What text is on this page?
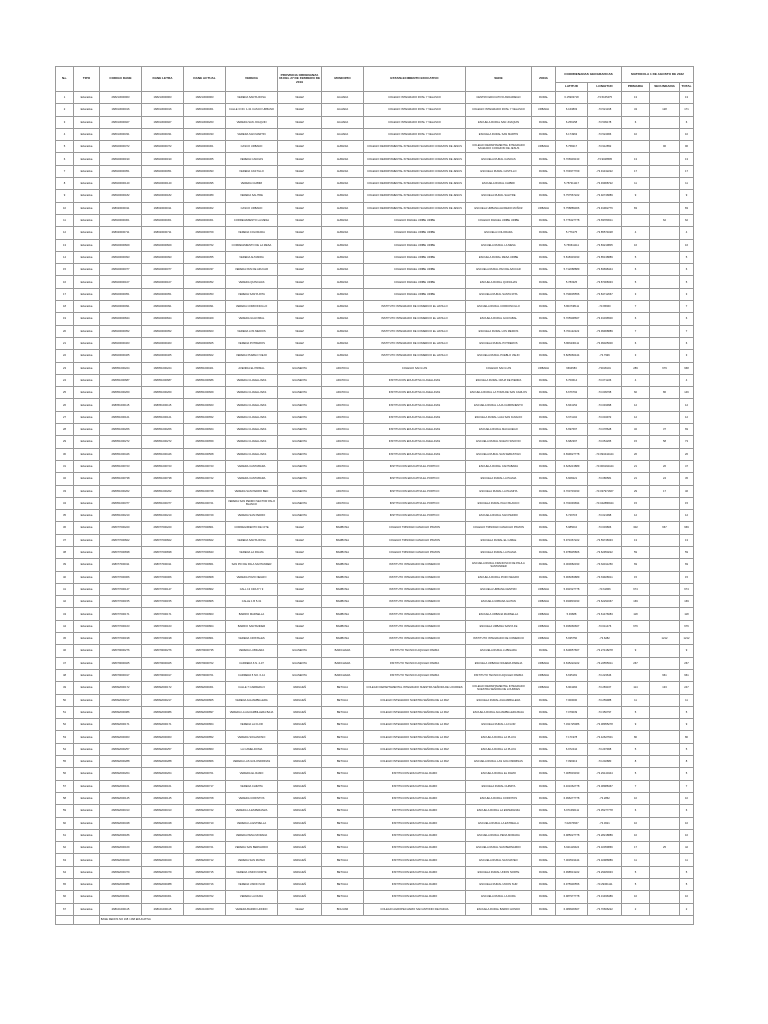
No.	TIPO	CODIGO DANE	DANE LETRA	DANE ACTUAL	VEREDA	PROVINCIA ORDENANZA 06 DEL 27 DE FEBRERO DE 2019	MUNICIPIO	ESTABLECIMIENTO EDUCATIVO	SEDE	ZONA	COORDENADAS GEOGRAFICAS		MATRICULA 1 DE AGOSTO DE 2022		
											LATITUD	LONGITUD	PRIMARIA	SECUNDARIA	TOTAL
1	Educativa	268213000963	168213000963	168213000963	VEREDA SANTA ROSA	VELEZ	AGUADA	COLEGIO INTEGRADO ROSL Y VELASCO	CENTRO EDUCATIVO ANDARIEGO	RURAL	6.15903718	-73.5165475	13		13
2	Educativa	168013000016	168013000016	168013000301	CALLE 3 NO. 1-31 CASCO URBANO	VELEZ	AGUADA	COLEGIO INTEGRADO ROSL Y VELASCO	COLEGIO INTEGRADO ROSL Y VELASCO	URBANA	6.163803	-73.521168	43	128	171
3	Educativa	268013000927	168013000927	168013000263	VEREDA SAN JOAQUIN	VELEZ	AGUADA	COLEGIO INTEGRADO ROSL Y VELASCO	ESCUELA RURAL SAN JOAQUIN	RURAL	6.259158	-73.509178	6		6
4	Educativa	268013000331	168013000331	168013000333	VEREDA SAN MARTIN	VELEZ	AGUADA	COLEGIO INTEGRADO ROSL Y VELASCO	ESCUELA RURAL SAN MARTIN	RURAL	6.174963	-73.524966	10		10
5	Educativa	168020000372	168020000372	168020000301	CASCO URBANO	VELEZ	ALBANIA	COLEGIO DEPARTAMENTAL INTEGRADO SAGRADO CORAZON DE JESUS	COLEGIO DEPARTAMENTAL INTEGRADO SAGRADO CORAZON DE JESUS	URBANA	5.758217	-73.912852		96	96
6	Educativa	268020000190	168020000190	168020000365	VEREDA CANOAS	VELEZ	ALBANIA	COLEGIO DEPARTAMENTAL INTEGRADO SAGRADO CORAZON DE JESUS	ESCUELA RURAL CANOAS	RURAL	5.706903133	-73.9028595	13		13
7	Educativa	268020000051	168020000051	168020000393	VEREDA CASTILLO	VELEZ	ALBANIA	COLEGIO DEPARTAMENTAL INTEGRADO SAGRADO CORAZON DE JESUS	ESCUELA RURAL CASTILLO	RURAL	5.709377709	-73.91432222	17		17
8	Educativa	268020000140	168020000140	168020000395	VEREDA CHIBIRI	VELEZ	ALBANIA	COLEGIO DEPARTAMENTAL INTEGRADO SAGRADO CORAZON DE JESUS	ESCUELA RURAL CHIBIRI	RURAL	5.757311117	-73.93968722	11		11
9	Educativa	268020000182	168020000182	168020000389	VEREDA SALITRE	VELEZ	ALBANIA	COLEGIO DEPARTAMENTAL INTEGRADO SAGRADO CORAZON DE JESUS	ESCUELA RURAL SALITRE	RURAL	5.757567222	-73.92746889	9		9
10	Educativa	168020000011	168020000011	168020000302	CASCO URBANO	VELEZ	ALBANIA	COLEGIO DEPARTAMENTAL INTEGRADO SAGRADO CORAZON DE JESUS	ESCUELA URBANA ALFREDO MUÑOZ	URBANA	5.758889306	-73.91962776	83		83
11	Educativa	268020000301	268020000301	268020000301	CORREGIMIENTO LA MESA	VELEZ	ALBANIA	COLEGIO RAFAEL URIBE URIBE	COLEGIO RAFAEL URIBE URIBE	RURAL	5.776327778	-73.83780611		62	62
12	Educativa	268020000711	268020000711	268020000709	VEREDA COLORADA	VELEZ	ALBANIA	COLEGIO RAFAEL URIBE URIBE	ESCUELA COLORADA	RURAL	5.776175	-73.85574028	4		4
13	Educativa	268020000829	268020000829	268020000762	CORREGIMIENTO DE LA MESA	VELEZ	ALBANIA	COLEGIO RAFAEL URIBE URIBE	ESCUELA RURAL LA MESA	RURAL	5.766611111	-73.83219805	16		16
14	Educativa	268020000093	268020000093	268020000355	VEREDA ALTAMIRA	VELEZ	ALBANIA	COLEGIO RAFAEL URIBE URIBE	ESCUELA RURAL MESA URIBE	RURAL	5.818333333	-73.85138889	5		5
15	Educativa	268020000077	268020000077	268020000337	VEREDA PAN DE AZUCAR	VELEZ	ALBANIA	COLEGIO RAFAEL URIBE URIBE	ESCUELA RURAL PAN DE AZUCAR	RURAL	5.712088889	-73.83698444	6		6
16	Educativa	268020000107	268020000107	268020000352	VEREDA QUINCHAS	VELEZ	ALBANIA	COLEGIO RAFAEL URIBE URIBE	ESCUELA RURAL QUINCHAS	RURAL	5.783325	-73.87008333	5		5
17	Educativa	268020000051	268020000051	268020000353	VEREDA SANTA RITA	VELEZ	ALBANIA	COLEGIO RAFAEL URIBE URIBE	ESCUELA RURAL SANTA RITA	RURAL	5.799005556	-73.84712667	3		3
18	Educativa	268020000091	268020000091	268020000091	VEREDA CORDONCILLO	VELEZ	ALBANIA	INSTITUTO INTEGRADO DE COMERCIO EL HATILLO	ESCUELA RURAL CORDONCILLO	RURAL	5.803738111	-73.95960	7		7
19	Educativa	268020000844	268020000844	268020000409	VEREDA GUAYABAL	VELEZ	ALBANIA	INSTITUTO INTEGRADO DE COMERCIO EL HATILLO	ESCUELA RURAL GUAYABAL	RURAL	5.705908667	-73.91036500	6		6
20	Educativa	268020000052	268020000052	268020000603	VEREDA LOS MEDIOS	VELEZ	ALBANIA	INSTITUTO INTEGRADO DE COMERCIO EL HATILLO	ESCUELA RURAL LOS MEDIOS	RURAL	5.701122222	-73.99968889	7		7
21	Educativa	268020000463	268020000463	268020000605	VEREDA POTREROS	VELEZ	ALBANIA	INSTITUTO INTEGRADO DE COMERCIO EL HATILLO	ESCUELA RURAL POTREROS	RURAL	5.806230111	-73.99025000	6		6
22	Educativa	268020000465	268020000465	268020000602	VEREDA PUEBLO VIEJO	VELEZ	ALBANIA	INSTITUTO INTEGRADO DE COMERCIO EL HATILLO	ESCUELA RURAL PUEBLO VIEJO	RURAL	5.825666444	-73.7996	3		3
23	Educativa	168051000224	168051000224	168051000401	AVENIDA EL PRIMAL	GUANENTA	ARATOCA	COLEGIO SAN LUIS	COLEGIO SAN LUIS	URBANA	6694583	-73018101	289	679	968
24	Educativa	268051000687	268051000687	268051000686	VEREDA CLAVELLINAS	GUANENTA	ARATOCA	INSTITUCION EDUCATIVA CLAVELLINAS	ESCUELA RURAL CRUZ DE PIEDRA	RURAL	6.700614	-73.071226	4		4
25	Educativa	268051000260	268051000260	268051000669	VEREDA CLAVELLINAS	GUANENTA	ARATOCA	INSTITUCION EDUCATIVA CLAVELLINAS	ESCUELA RURAL LA TOMA DE SAN CARLOS	RURAL	6.676792	-73.009768	60	86	146
26	Educativa	268051000115	268051000115	268051000663	VEREDA CLAVELLINAS	GUANENTA	ARATOCA	INSTITUCION EDUCATIVA CLAVELLINAS	ESCUELA RURAL LAJA CAMPANENTO	RURAL	6.664152	-73.049998	12		12
27	Educativa	268051000121	268051000121	268051000652	VEREDA CLAVELLINAS	GUANENTA	ARATOCA	INSTITUCION EDUCATIVA CLAVELLINAS	ESCUELA RURAL LAJA SAN IGNACIO	RURAL	6.671104	-73.004972	12		12
28	Educativa	268051000266	268051000266	268051000664	VEREDA CLAVELLINAS	GUANENTA	ARATOCA	INSTITUCION EDUCATIVA CLAVELLINAS	ESCUELA RURAL MACHUEGO	RURAL	6.697697	-73.078628	32	37	69
29	Educativa	268051000272	268051000272	268051000659	VEREDA CLAVELLINAS	GUANENTA	ARATOCA	INSTITUCION EDUCATIVA CLAVELLINAS	ESCUELA RURAL NUEVO SINOVIO	RURAL	6.682397	-73.054265	15	58	73
30	Educativa	268051000446	268051000446	268051000568	VEREDA CLAVELLINAS	GUANENTA	ARATOCA	INSTITUCION EDUCATIVA CLAVELLINAS	ESCUELA RURAL SAN SEBASTIAN	RURAL	6.699627778	-73.093444444	26		26
31	Educativa	268051000723	268051000723	268051000723	VEREDA CANTABARA	GUANENTA	ARATOCA	INSTITUCION EDUCATIVA EL PORTICO	ESCUELA RURAL CANTABARA	RURAL	6.626213889	-73.009194444	21	26	47
32	Educativa	268051000738	268051000738	268051000722	VEREDA CANTABARA	GUANENTA	ARATOCA	INSTITUCION EDUCATIVA EL PORTICO	ESCUELA RURAL LA PALMA	RURAL	6.608221	-73.086581	21	24	45
33	Educativa	268051000262	268051000262	268051000728	VEREDA SAN PEDRO BEC	GUANENTA	ARATOCA	INSTITUCION EDUCATIVA EL PORTICO	ESCUELA RURAL LA PALMITA	RURAL	6.703733333	-73.037971667	29	17	46
34	Educativa	268051000377	268051000377	268051000721	VEREDA SAN PEDRO SECTOR PALO BLANCO	GUANENTA	ARATOCA	INSTITUCION EDUCATIVA EL PORTICO	ESCUELA RURAL PALO BLANCO	RURAL	6.704693694	-73.042886944	15		15
35	Educativa	268051000210	268051000210	268051000729	VEREDA SAN PEDRO	GUANENTA	ARATOCA	INSTITUCION EDUCATIVA EL PORTICO	ESCUELA RURAL SAN PEDRO	RURAL	6.729715	-73.021998	12		12
36	Educativa	268077000220	268077000220	268077000801	CORREGIMIENTO DE CITE	VELEZ	BARBOSA	COLEGIO TRINIDAD CAMACHO PINZON	COLEGIO TRINIDAD CAMACHO PINZON	RURAL	5.985010	-73.603806	302	667	969
37	Educativa	268077000822	268077000822	268077000822	VEREDA SANTA ROSA	VELEZ	BARBOSA	COLEGIO TRINIDAD CAMACHO PINZON	ESCUELA RURAL EL CABLE	RURAL	5.971667222	-73.59748333	13		13
38	Educativa	268077000838	268077000838	268077000843	VEREDA LA PALMA	VELEZ	BARBOSA	COLEGIO TRINIDAD CAMACHO PINZON	ESCUELA RURAL LA PALMA	RURAL	5.978935806	-73.62950222	59		59
39	Educativa	168077000011	168077000011	168077000861	SAN PIO DE PALA SANTANDER	VELEZ	BARBOSA	INSTITUTO INTEGRADO DE COMERCIO	ESCUELA RURAL FRANCISCO DE PAULA SANTANDER	RURAL	6.000682333	-73.62011250	69		69
40	Educativa	168077000066	168077000066	168077000808	VEREDA POZO NEGRO	VELEZ	BARBOSA	INSTITUTO INTEGRADO DE COMERCIO	ESCUELA RURAL POZO NEGRO	RURAL	5.966083889	-73.63928611	15		15
41	Educativa	168077000147	168077000147	168077000802	CALL 13 CRA 8 Y 9	VELEZ	BARBOSA	INSTITUTO INTEGRADO DE COMERCIO	ESCUELA URBANA CENTRO	URBANA	5.931527778	-73.61866	674		674
42	Educativa	168077000155	168077000155	168077000805	CALLE 1 B 5-31	VELEZ	BARBOSA	INSTITUTO INTEGRADO DE COMERCIO	ESCUELA URBANA GAITAN	URBANA	5.930833333	-73.62291667	169		169
43	Educativa	168077000171	168077000171	168077000803	BARRIO MARSELLA	VELEZ	BARBOSA	INSTITUTO INTEGRADO DE COMERCIO	ESCUELA URBANA MARSELLA	URBANA	5.93688	-73.61476083	118		118
44	Educativa	168077000163	168077000163	168077000804	BARRIO SANTANDER	VELEZ	BARBOSA	INSTITUTO INTEGRADO DE COMERCIO	ESCUELA URBANA SANTA FE	URBANA	5.936666667	-73.611476	676		676
45	Educativa	168077000198	168077000198	168077000801	VEREDA CRISTALES	VELEZ	BARBOSA	INSTITUTO INTEGRADO DE COMERCIO	INSTITUTO INTEGRADO DE COMERCIO	URBANA	5.935750	-73.6282		1212	1212
46	Educativa	168079000276	168079000276	168079000735	VEREDA LUBIGARA	GUANENTA	BARICHARA	INSTITUTO TECNICO AQUILEO PARRA	ESCUELA RURAL LUBIGARA	RURAL	6.649657667	-73.27418278	9		9
47	Educativa	168079000025	168079000025	168079000702	CARRERA 6 N. 4-37	GUANENTA	BARICHARA	INSTITUTO TECNICO AQUILEO PARRA	ESCUELA URBANA NOHEMA PAREJA	URBANA	6.635222222	-73.22555611	267		267
48	Educativa	168079000017	168079000017	168079000701	CARRERA 5 NO. 6-14	GUANENTA	BARICHARA	INSTITUTO TECNICO AQUILEO PARRA	INSTITUTO TECNICO AQUILEO PARRA	URBANA	6.635181	-73.223646		961	961
49	Educativa	168092000172	168092000172	168092000301	CALLE 7 CARRERA 6	VARGUEÑ	BETULIA	COLEGIO DEPARTAMENTAL INTEGRADO NUESTRA SEÑORA DE LOURDES	COLEGIO DEPARTAMENTAL INTEGRADO NUESTRA SEÑORA DE LOURDES	URBANA	6.904284	-73.283167	114	133	247
50	Educativa	268092000217	268092000217	268092000805	VEREDA AGUAMBILLERA	VARGUEÑ	BETULIA	COLEGIO INTEGRADO NUESTRA SEÑORA DE LA PAZ	ESCUELA RURAL AGUAMBILLERA	RURAL	7.000000	-73.259988	11		11
51	Educativa	268092000086	268092000086	268092000897	VEREDA LA AGUAMBILLERA BAJA	VARGUEÑ	BETULIA	COLEGIO INTEGRADO NUESTRA SEÑORA DE LA PAZ	ESCUELA RURAL AGUAMBILLERA BAJA	RURAL	7.079039	-73.350797	5		5
52	Educativa	268092000171	268092000171	268092000864	VEREDA LA FLOR	VARGUEÑ	BETULIA	COLEGIO INTEGRADO NUESTRA SEÑORA DE LA PAZ	ESCUELA RURAL LA FLOR	RURAL	7.031725086	-73.38955278	9		9
53	Educativa	268092000063	268092000063	268092000852	VEREDA SOGAMOSO	VARGUEÑ	BETULIA	COLEGIO INTEGRADO NUESTRA SEÑORA DE LA PAZ	ESCUELA RURAL LA PLAYA	RURAL	7.171978	-73.42627601	80		80
54	Educativa	268092000257	268092000257	268092000863	LA CAMELDONIA	VARGUEÑ	BETULIA	COLEGIO INTEGRADO NUESTRA SEÑORA DE LA PAZ	ESCUELA RURAL LA PLAYA	RURAL	6.972444	-73.297968	5		5
55	Educativa	268092000288	268092000288	268092000866	VEREDA LAS GOLONDRINAS	VARGUEÑ	BETULIA	COLEGIO INTEGRADO NUESTRA SEÑORA DE LA PAZ	ESCUELA RURAL LAS GOLONDRINAS	RURAL	7.099313	-73.202880	8		8
56	Educativa	268092000264	268092000264	268092000701	VEREDA EL RAMO	VARGUEÑ	BETULIA	INSTITUCION EDUCATIVA EL RAMO	ESCUELA RURAL EL RAMO	RURAL	7.005533333	-73.29140444	5		5
57	Educativa	268092000161	268092000161	268092000717	VEREDA CHIMITA	VARGUEÑ	BETULIA	INSTITUCION EDUCATIVA EL RAMO	ESCUELA RURAL CHIMITA	RURAL	6.461662778	-73.38988467	7		7
58	Educativa	268092000145	268092000145	268092000708	VEREDA CORINTOS	VARGUEÑ	BETULIA	INSTITUCION EDUCATIVA EL RAMO	ESCUELA RURAL CORINTOS	RURAL	6.996277778	-73.2862	10		10
59	Educativa	268092000313	268092000313	268092000722	VEREDA LA ESPERANZA	VARGUEÑ	BETULIA	INSTITUCION EDUCATIVA EL RAMO	ESCUELA RURAL LA ESPERANZA	RURAL	6.971666111	-73.35277778	6		6
60	Educativa	268092000348	268092000348	268092000710	VEREDA LA ESTRELLA	VARGUEÑ	BETULIA	INSTITUCION EDUCATIVA EL RAMO	ESCUELA RURAL LA ESTRELLA	RURAL	7.02076667	-73.3621	10		10
61	Educativa	268092000186	268092000186	268092000709	VEREDA PENA MORADA	VARGUEÑ	BETULIA	INSTITUCION EDUCATIVA EL RAMO	ESCUELA RURAL PENA MORADA	RURAL	6.985027778	-73.28218889	10		10
62	Educativa	268092000169	268092000169	268092000721	VEREDA SAN BERNARDO	VARGUEÑ	BETULIA	INSTITUCION EDUCATIVA EL RAMO	ESCUELA RURAL SAN BERNARDO	RURAL	6.921116624	-73.32059866	17	25	42
63	Educativa	268092000329	268092000329	268092000712	VEREDA SAN MATEO	VARGUEÑ	BETULIA	INSTITUCION EDUCATIVA EL RAMO	ESCUELA RURAL SAN MATEO	RURAL	7.003519444	-73.32986889	11		11
64	Educativa	268092000379	268092000379	268092000715	VEREDA UNION NORTE	VARGUEÑ	BETULIA	INSTITUCION EDUCATIVA EL RAMO	ESCUELA RURAL UNION NORTE	RURAL	6.998513222	-73.29480333	5		5
65	Educativa	268092000388	268092000388	268092000716	VEREDA UNION SUR	VARGUEÑ	BETULIA	INSTITUCION EDUCATIVA EL RAMO	ESCUELA RURAL UNION SUR	RURAL	6.975930556	-73.29361111	5		5
66	Educativa	268092000301	268092000301	268092000702	VEREDA LA DURA	VARGUEÑ	BETULIA	INSTITUCION EDUCATIVA EL RAMO	ESCUELA RURAL LA DURA	RURAL	6.987977778	-73.31936389	10		10
67	Educativa	268101000115	268101000115	268101000763	VEREDA BARRO HONDO	VELEZ	BOLIVAR	COLEGIO AGROPECUARIO SAN ANTONIO DE PADUA	ESCUELA RURAL BARRO HONDO	RURAL	6.089936667	-73.70666222	2		2
		BASE DEDOS NO 168 / 268 EDUCATIVA													
